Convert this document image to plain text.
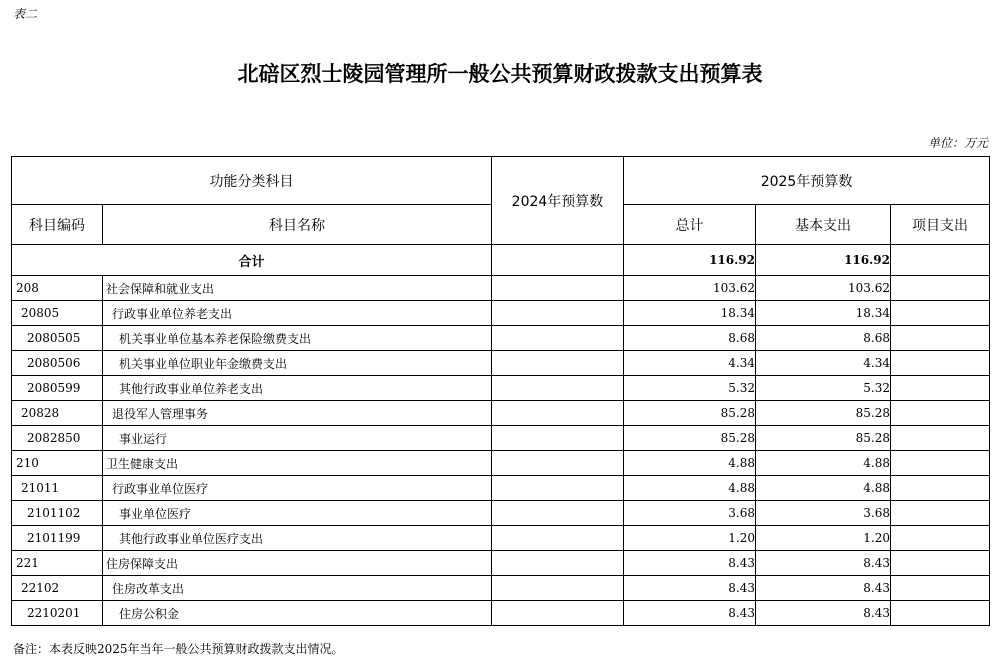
表二
北碚区烈士陵园管理所一般公共预算财政拨款支出预算表
单位：万元
功能分类科目		2024年预算数	2025年预算数		
科目编码	科目名称		总计	基本支出	项目支出
合计			116.92	116.92	
208	社会保障和就业支出		103.62	103.62	
20805	行政事业单位养老支出		18.34	18.34	
2080505	机关事业单位基本养老保险缴费支出		8.68	8.68	
2080506	机关事业单位职业年金缴费支出		4.34	4.34	
2080599	其他行政事业单位养老支出		5.32	5.32	
20828	退役军人管理事务		85.28	85.28	
2082850	事业运行		85.28	85.28	
210	卫生健康支出		4.88	4.88	
21011	行政事业单位医疗		4.88	4.88	
2101102	事业单位医疗		3.68	3.68	
2101199	其他行政事业单位医疗支出		1.20	1.20	
221	住房保障支出		8.43	8.43	
22102	住房改革支出		8.43	8.43	
2210201	住房公积金		8.43	8.43	
备注：本表反映2025年当年一般公共预算财政拨款支出情况。
